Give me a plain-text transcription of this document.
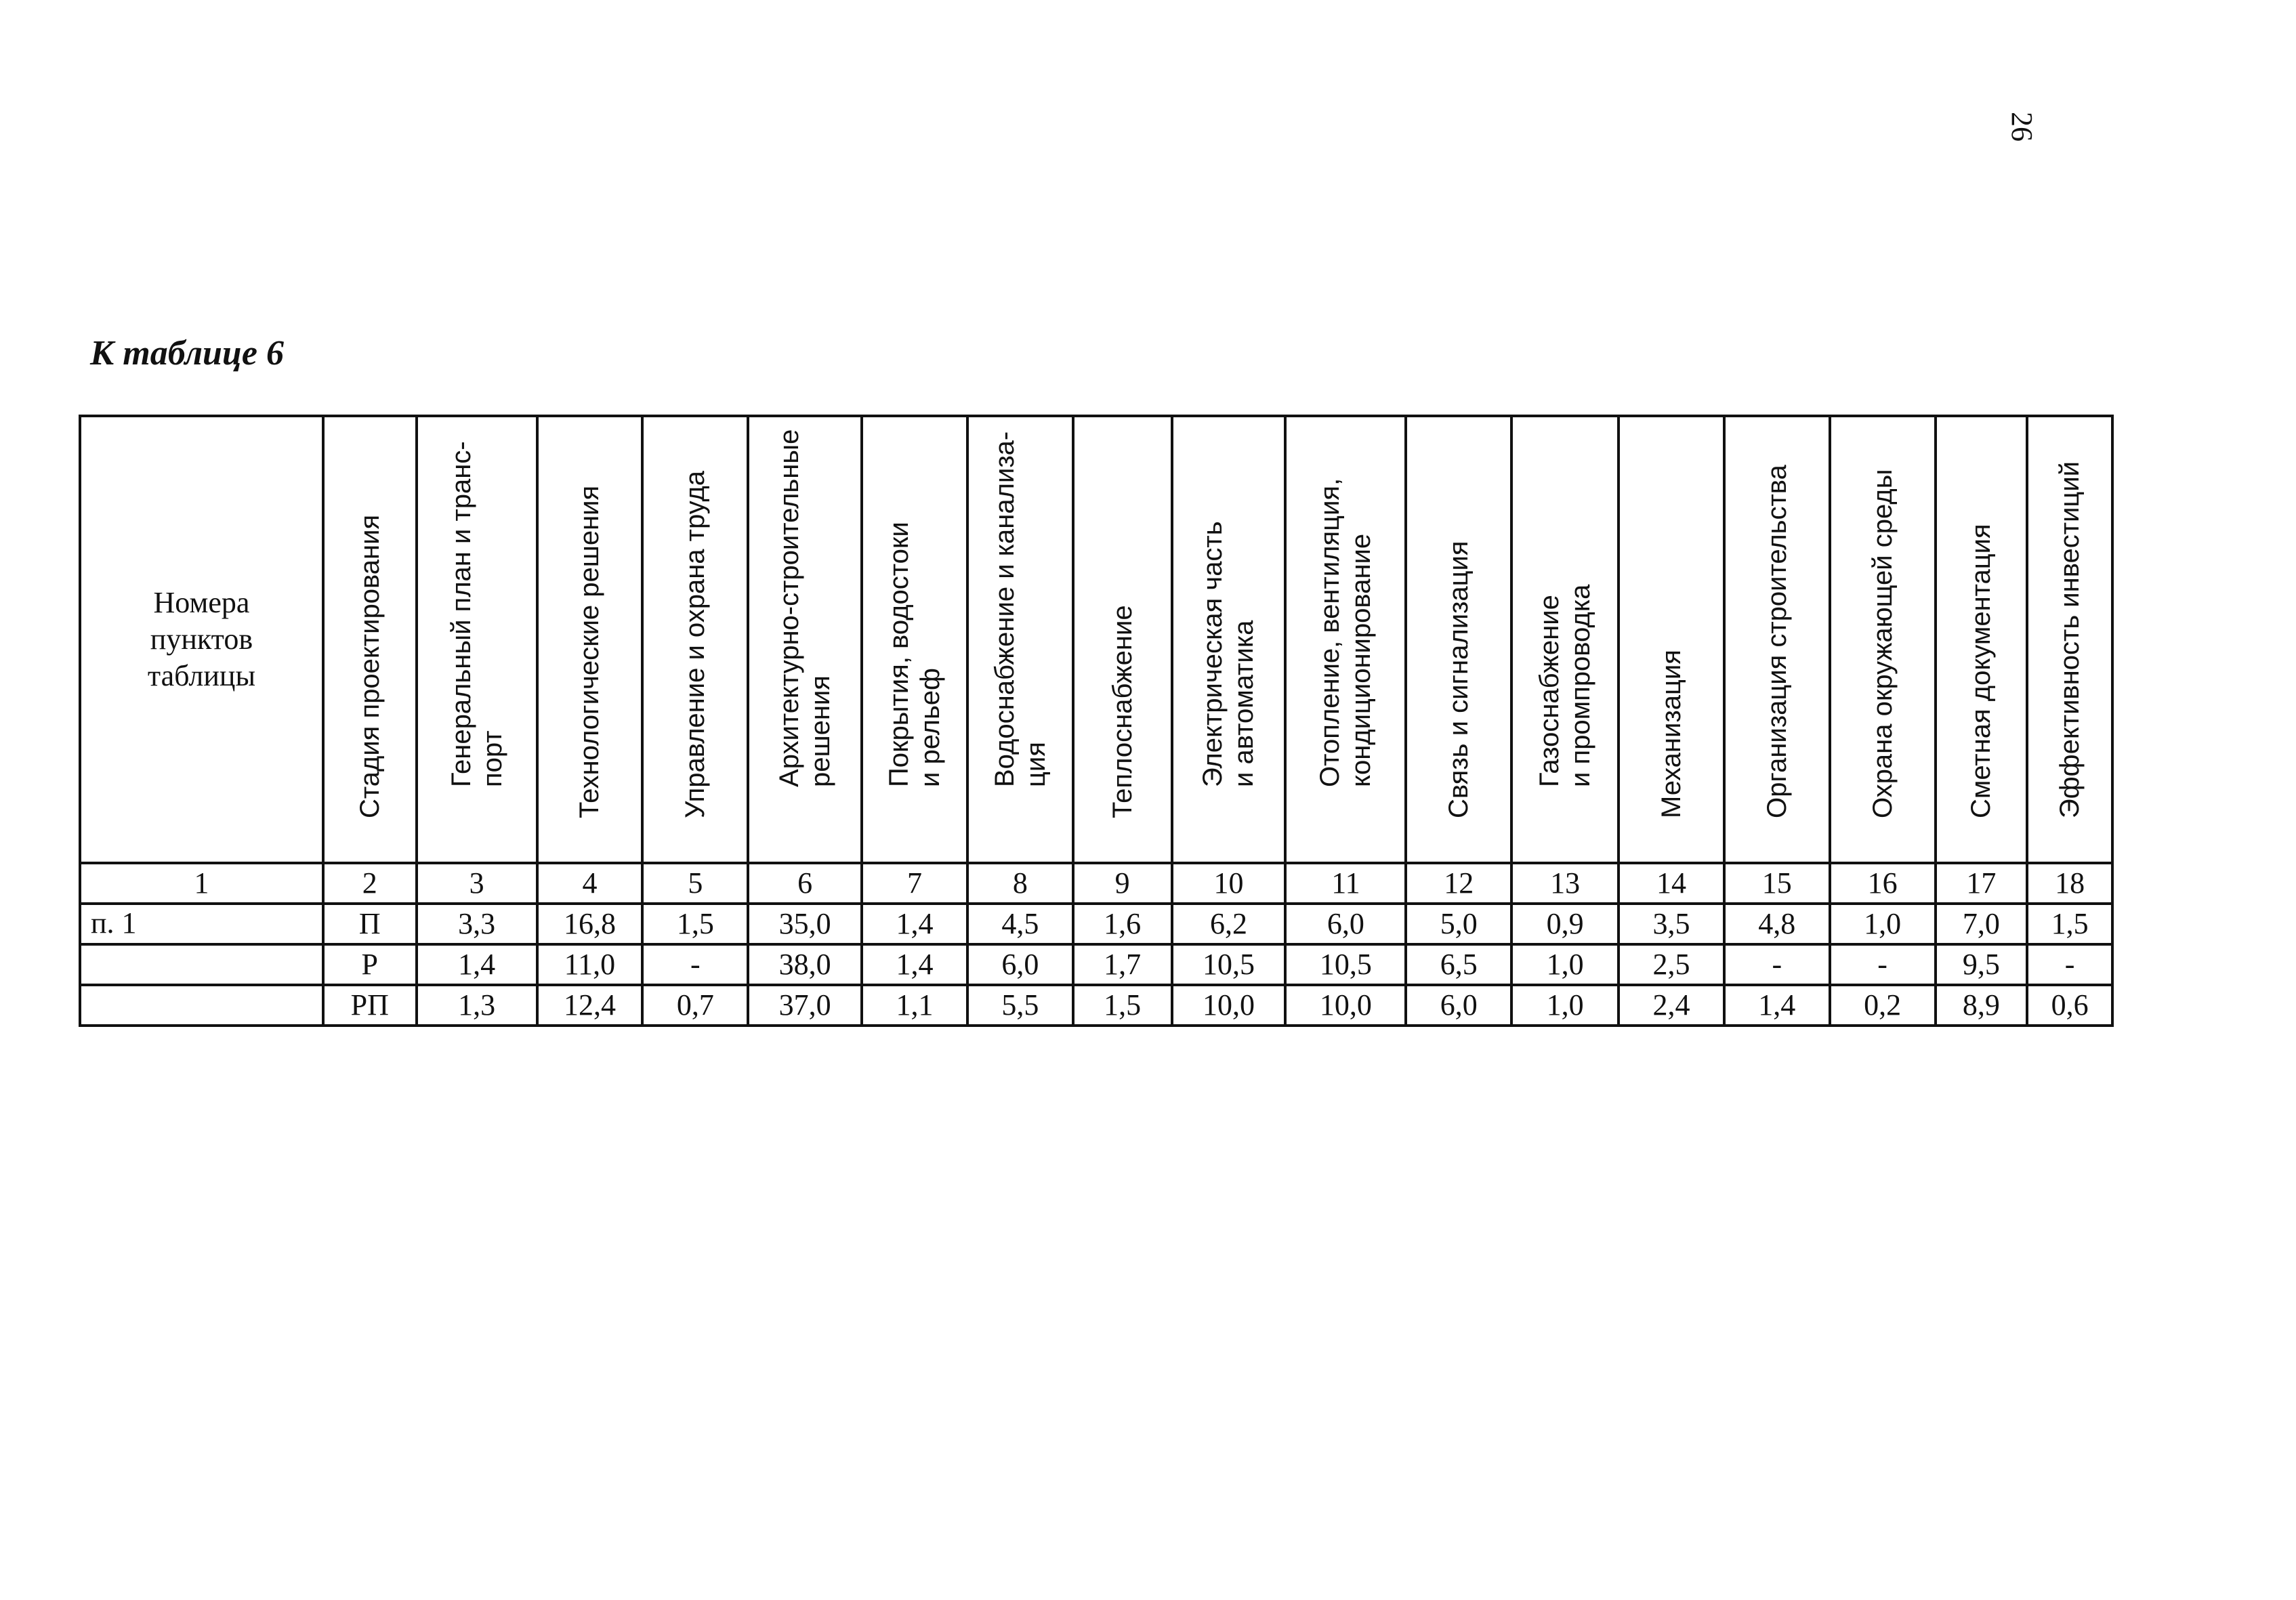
26
К таблице 6
Номера пунктов таблицы	Стадия проектирования	Генеральный план и транс-
порт	Технологические решения	Управление и охрана труда	Архитектурно-строительные
решения	Покрытия, водостоки
и рельеф	Водоснабжение и канализа-
ция	Теплоснабжение	Электрическая часть
и автоматика	Отопление, вентиляция,
кондиционирование	Связь и сигнализация	Газоснабжение
и промпроводка	Механизация	Организация строительства	Охрана окружающей среды	Сметная документация	Эффективность инвестиций

1	2	3	4	5	6	7	8	9	10	11	12	13	14	15	16	17	18
п. 1	П	3,3	16,8	1,5	35,0	1,4	4,5	1,6	6,2	6,0	5,0	0,9	3,5	4,8	1,0	7,0	1,5
	Р	1,4	11,0	-	38,0	1,4	6,0	1,7	10,5	10,5	6,5	1,0	2,5	-	-	9,5	-
	РП	1,3	12,4	0,7	37,0	1,1	5,5	1,5	10,0	10,0	6,0	1,0	2,4	1,4	0,2	8,9	0,6
